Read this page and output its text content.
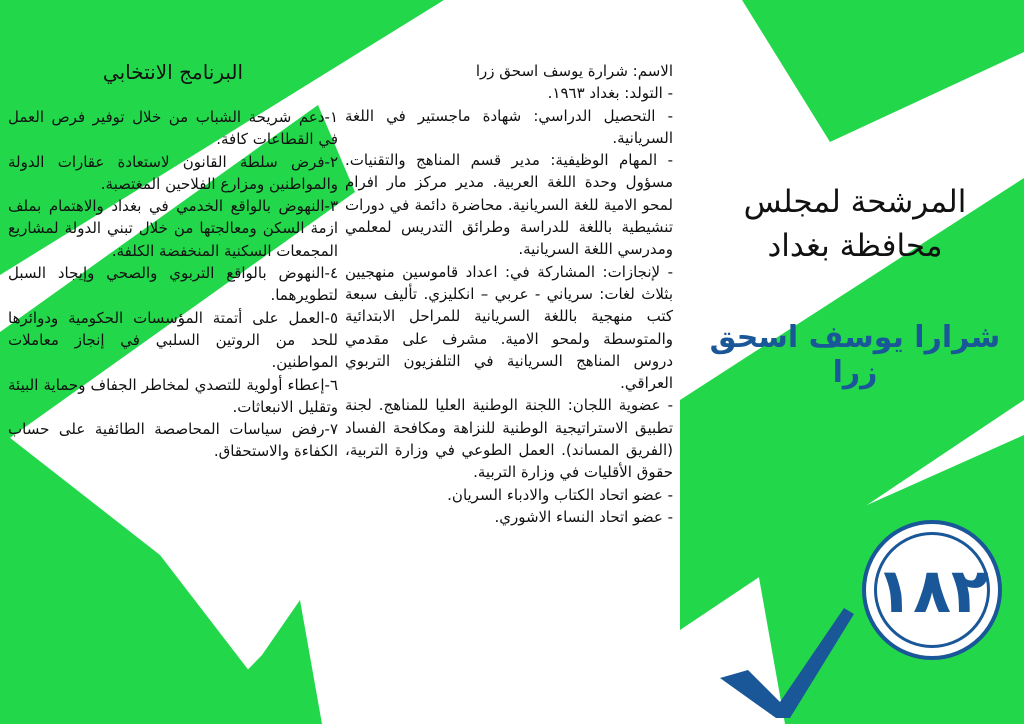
البرنامج الانتخابي

١-دعم شريحة الشباب من خلال توفير فرص العمل في القطاعات كافة.

٢-فرض سلطة القانون لاستعادة عقارات الدولة والمواطنين ومزارع الفلاحين المغتصبة.

٣-النهوض بالواقع الخدمي في بغداد والاهتمام بملف ازمة السكن ومعالجتها من خلال تبني الدولة لمشاريع المجمعات السكنية المنخفضة الكلفة.

٤-النهوض بالواقع التربوي والصحي وإيجاد السبل لتطويرهما.

٥-العمل على أتمتة المؤسسات الحكومية ودوائرها للحد من الروتين السلبي في إنجاز معاملات المواطنين.

٦-إعطاء أولوية للتصدي لمخاطر الجفاف وحماية البيئة وتقليل الانبعاثات.

٧-رفض سياسات المحاصصة الطائفية على حساب الكفاءة والاستحقاق.

الاسم: شرارة يوسف اسحق زرا

- التولد: بغداد ١٩٦٣.

- التحصيل الدراسي: شهادة ماجستير في اللغة السريانية.

- المهام الوظيفية: مدير قسم المناهج والتقنيات. مسؤول وحدة اللغة العربية. مدير مركز مار افرام لمحو الامية للغة السريانية. محاضرة دائمة في دورات تنشيطية باللغة للدراسة وطرائق التدريس لمعلمي ومدرسي اللغة السريانية.

- لإنجازات: المشاركة في: اعداد قاموسين منهجيين بثلاث لغات: سرياني - عربي – انكليزي. تأليف سبعة كتب منهجية باللغة السريانية للمراحل الابتدائية والمتوسطة ولمحو الامية. مشرف على مقدمي دروس المناهج السريانية في التلفزيون التربوي العراقي.

- عضوية اللجان: اللجنة الوطنية العليا للمناهج. لجنة تطبيق الاستراتيجية الوطنية للنزاهة ومكافحة الفساد (الفريق المساند). العمل الطوعي في وزارة التربية، حقوق الأقليات في وزارة التربية.

- عضو اتحاد الكتاب والادباء السريان.

- عضو اتحاد النساء الاشوري.

المرشحة لمجلس

محافظة بغداد

شرارا يوسف اسحق زرا
١٨٢
